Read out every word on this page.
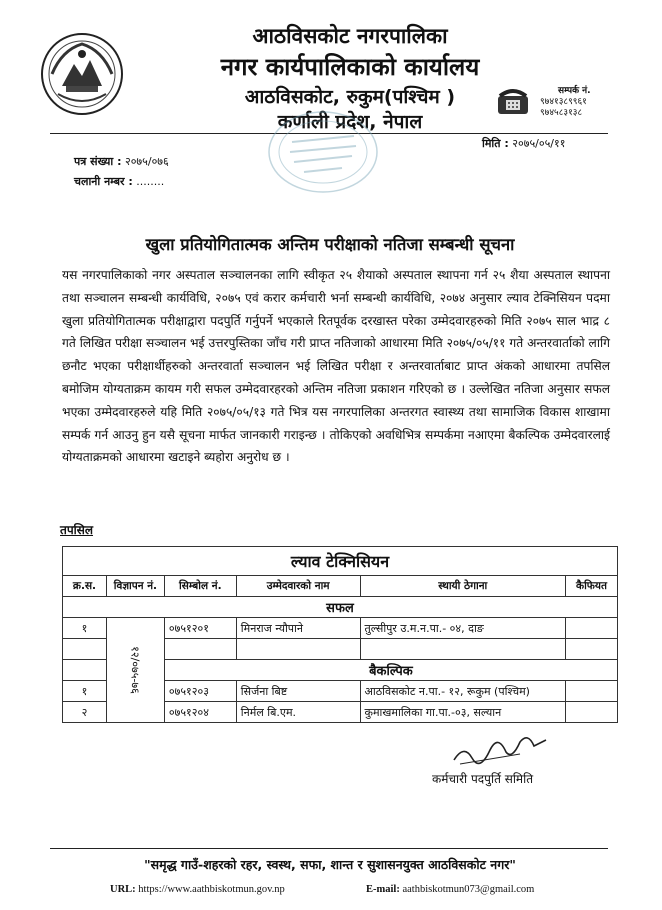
आठविसकोट नगरपालिका
नगर कार्यपालिकाको कार्यालय
आठविसकोट, रुकुम(पश्चिम )
कर्णाली प्रदेश, नेपाल
सम्पर्क नं.
९७४१३८९९६१
९७४५८३१३८
मिति : २०७५/०५/११
पत्र संख्या : २०७५/०७६
चलानी नम्बर : ........
खुला प्रतियोगितात्मक अन्तिम परीक्षाको नतिजा सम्बन्धी सूचना
यस नगरपालिकाको नगर अस्पताल सञ्चालनका लागि स्वीकृत २५ शैयाको अस्पताल स्थापना गर्न २५ शैया अस्पताल स्थापना तथा सञ्चालन सम्बन्धी कार्यविधि, २०७५ एवं करार कर्मचारी भर्ना सम्बन्धी कार्यविधि, २०७४ अनुसार ल्याव टेक्निसियन पदमा खुला प्रतियोगितात्मक परीक्षाद्वारा पदपुर्ति गर्नुपर्ने भएकाले रितपूर्वक दरखास्त परेका उम्मेदवारहरुको मिति २०७५ साल भाद्र ८ गते लिखित परीक्षा सञ्चालन भई उत्तरपुस्तिका जाँच गरी प्राप्त नतिजाको आधारमा मिति २०७५/०५/११ गते अन्तरवार्ताको लागि छनौट भएका परीक्षार्थीहरुको अन्तरवार्ता सञ्चालन भई लिखित परीक्षा र अन्तरवार्ताबाट प्राप्त अंकको आधारमा तपसिल बमोजिम योग्यताक्रम कायम गरी सफल उम्मेदवारहरको अन्तिम नतिजा प्रकाशन गरिएको छ । उल्लेखित नतिजा अनुसार सफल भएका उम्मेदवारहरुले यहि मिति २०७५/०५/१३ गते भित्र यस नगरपालिका अन्तरगत स्वास्थ्य तथा सामाजिक विकास शाखामा सम्पर्क गर्न आउनु हुन यसै सूचना मार्फत जानकारी गराइन्छ । तोकिएको अवधिभित्र सम्पर्कमा नआएमा बैकल्पिक उम्मेदवारलाई योग्यताक्रमको आधारमा खटाइने ब्यहोरा अनुरोध छ ।
तपसिल
ल्याव टेक्निसियन					
क्र.स.	विज्ञापन नं.	सिम्बोल नं.	उम्मेदवारको नाम	स्थायी ठेगाना	कैफियत
सफल					
१	१२/०७५-७६	०७५१२०१	मिनराज न्यौपाने	तुल्सीपुर उ.म.न.पा.- ०४, दाङ	

		बैकल्पिक			
१		०७५१२०३	सिर्जना बिष्ट	आठविसकोट न.पा.- १२, रूकुम (पश्चिम)	
२		०७५१२०४	निर्मल बि.एम.	कुमाखमालिका गा.पा.-०३, सल्यान	
कर्मचारी पदपुर्ति समिति
"समृद्ध गाउँ-शहरको रहर, स्वस्थ, सफा, शान्त र सुशासनयुक्त आठविसकोट नगर"
URL: https://www.aathbiskotmun.gov.np	E-mail: aathbiskotmun073@gmail.com
